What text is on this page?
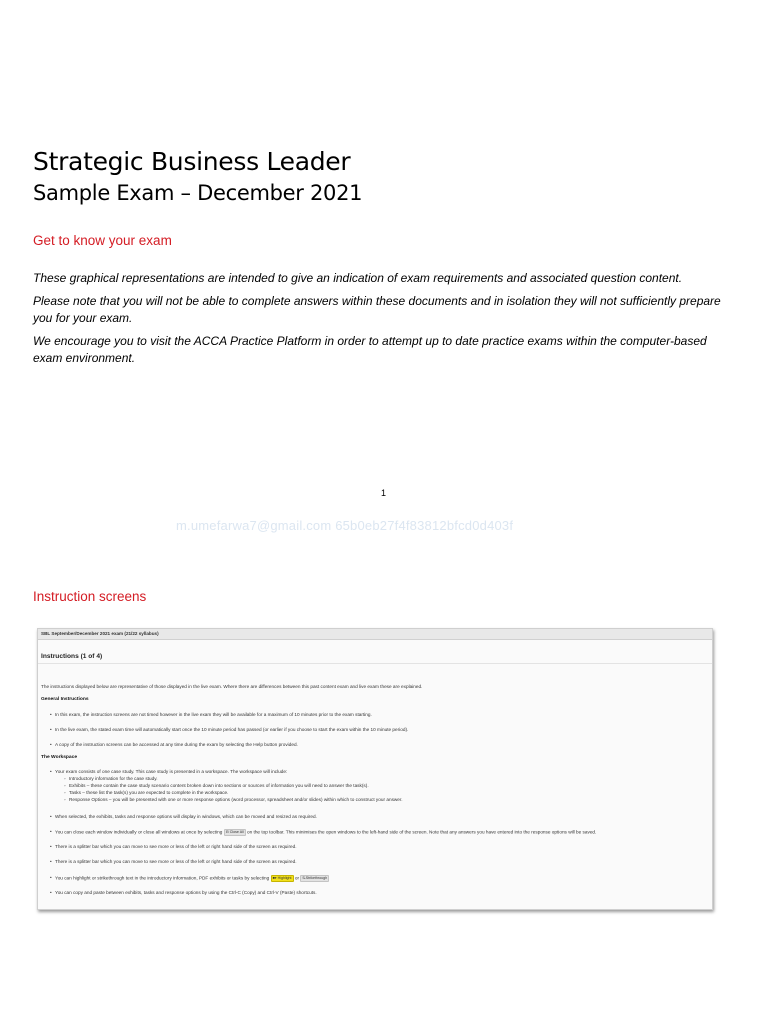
Strategic Business Leader
Sample Exam – December 2021
Get to know your exam

These graphical representations are intended to give an indication of exam requirements and associated question content.

Please note that you will not be able to complete answers within these documents and in isolation they will not sufficiently prepare you for your exam.

We encourage you to visit the ACCA Practice Platform in order to attempt up to date practice exams within the computer-based exam environment.

1
m.umefarwa7@gmail.com 65b0eb27f4f83812bfcd0d403f
Instruction screens
SBL September/December 2021 exam (21/22 syllabus)
Instructions (1 of 4)
The instructions displayed below are representative of those displayed in the live exam. Where there are differences between this past content exam and live exam these are explained.
General Instructions
• In this exam, the instruction screens are not timed however in the live exam they will be available for a maximum of 10 minutes prior to the exam starting.
• In the live exam, the stated exam time will automatically start once the 10 minute period has passed (or earlier if you choose to start the exam within the 10 minute period).
• A copy of the instruction screens can be accessed at any time during the exam by selecting the Help button provided.
The Workspace
• Your exam consists of one case study. This case study is presented in a workspace. The workspace will include:
◦ Introductory information for the case study.
◦ Exhibits – these contain the case study scenario content broken down into sections or sources of information you will need to answer the task(s).
◦ Tasks – these list the task(s) you are expected to complete in the workspace.
◦ Response Options – you will be presented with one or more response options (word processor, spreadsheet and/or slides) within which to construct your answer.
• When selected, the exhibits, tasks and response options will display in windows, which can be moved and resized as required.
• You can close each window individually or close all windows at once by selecting ⊟ Close All on the top toolbar. This minimises the open windows to the left-hand side of the screen. Note that any answers you have entered into the response options will be saved.
• There is a splitter bar which you can move to see more or less of the left or right hand side of the screen as required.
• There is a splitter bar which you can move to see more or less of the left or right hand side of the screen as required.
• You can highlight or strikethrough text in the introductory information, PDF exhibits or tasks by selecting ■▾ Highlight or S̶ Strikethrough
• You can copy and paste between exhibits, tasks and response options by using the Ctrl-C (Copy) and Ctrl-V (Paste) shortcuts.
